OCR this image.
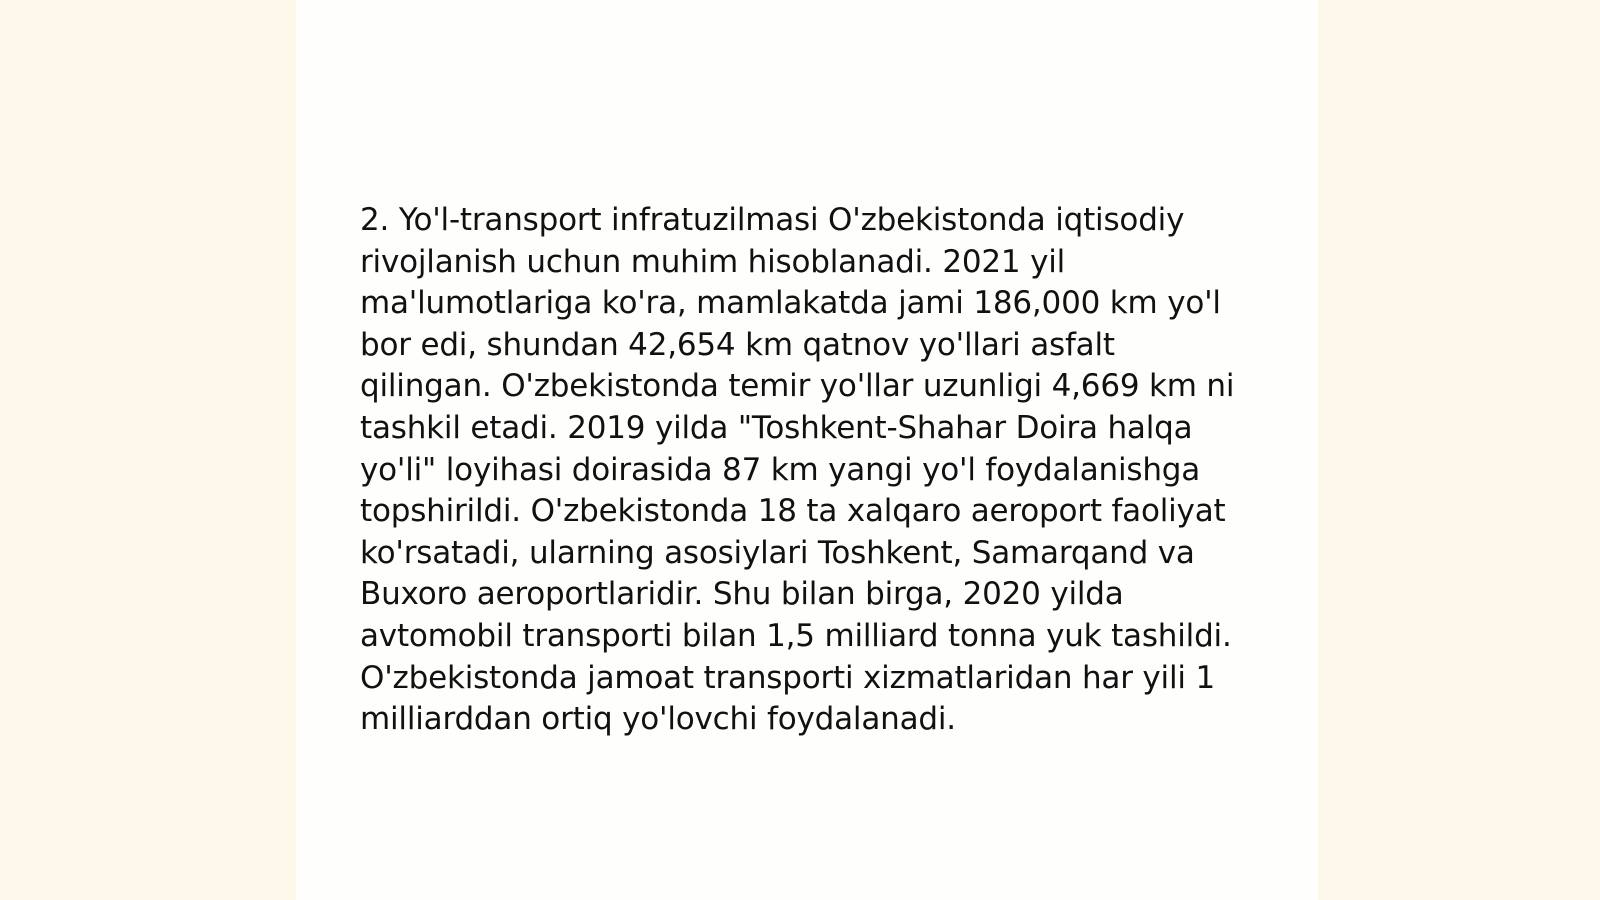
2. Yo'l-transport infratuzilmasi O'zbekistonda iqtisodiy rivojlanish uchun muhim hisoblanadi. 2021 yil ma'lumotlariga ko'ra, mamlakatda jami 186,000 km yo'l bor edi, shundan 42,654 km qatnov yo'llari asfalt qilingan. O'zbekistonda temir yo'llar uzunligi 4,669 km ni tashkil etadi. 2019 yilda "Toshkent-Shahar Doira halqa yo'li" loyihasi doirasida 87 km yangi yo'l foydalanishga topshirildi. O'zbekistonda 18 ta xalqaro aeroport faoliyat ko'rsatadi, ularning asosiylari Toshkent, Samarqand va Buxoro aeroportlaridir. Shu bilan birga, 2020 yilda avtomobil transporti bilan 1,5 milliard tonna yuk tashildi. O'zbekistonda jamoat transporti xizmatlaridan har yili 1 milliarddan ortiq yo'lovchi foydalanadi.
